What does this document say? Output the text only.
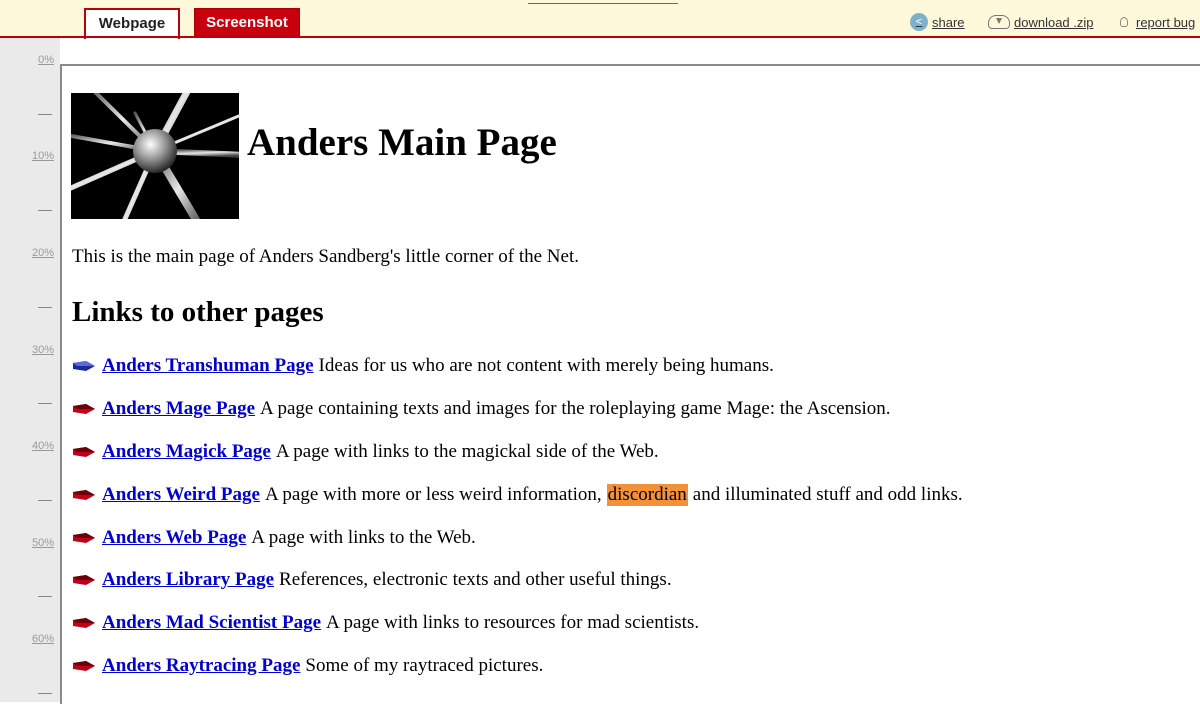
Webpage	Screenshot	< share	download .zip	report bug
0%
10%
20%
30%
40%
50%
60%
Anders Main Page
This is the main page of Anders Sandberg's little corner of the Net.
Links to other pages
Anders Transhuman Page Ideas for us who are not content with merely being humans.
Anders Mage Page A page containing texts and images for the roleplaying game Mage: the Ascension.
Anders Magick Page A page with links to the magickal side of the Web.
Anders Weird Page A page with more or less weird information, discordian and illuminated stuff and odd links.
Anders Web Page A page with links to the Web.
Anders Library Page References, electronic texts and other useful things.
Anders Mad Scientist Page A page with links to resources for mad scientists.
Anders Raytracing Page Some of my raytraced pictures.
